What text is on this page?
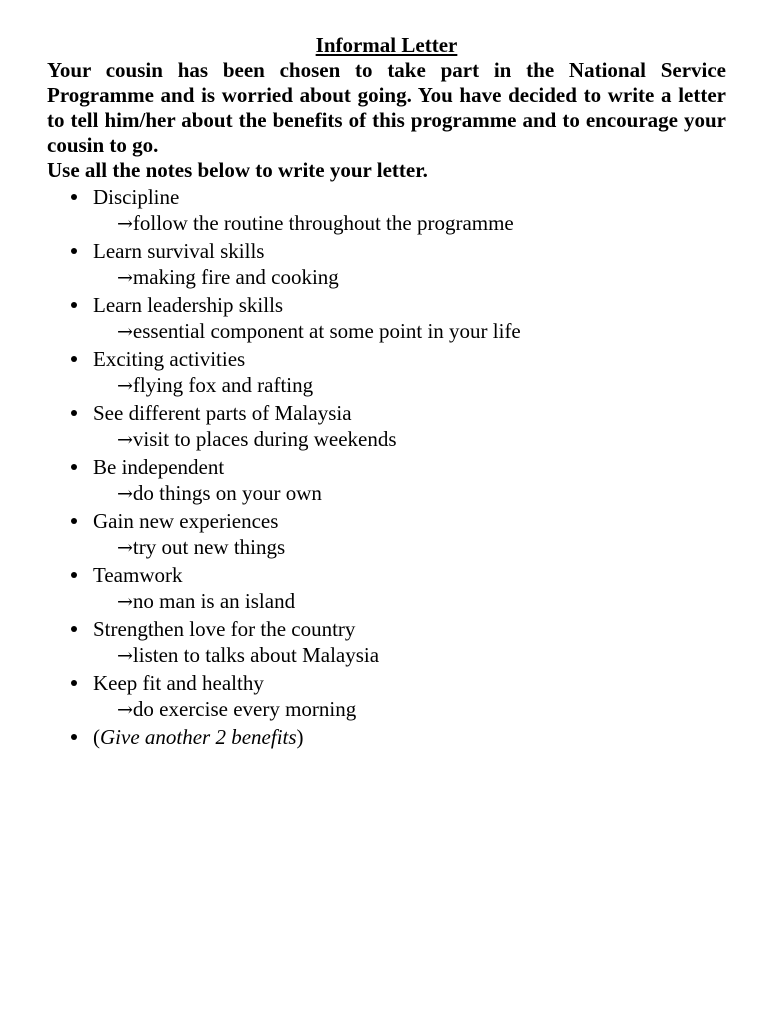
Informal Letter

Your cousin has been chosen to take part in the National Service Programme and is worried about going. You have decided to write a letter to tell him/her about the benefits of this programme and to encourage your cousin to go.

Use all the notes below to write your letter.

Discipline
→follow the routine throughout the programme
Learn survival skills
→making fire and cooking
Learn leadership skills
→essential component at some point in your life
Exciting activities
→flying fox and rafting
See different parts of Malaysia
→visit to places during weekends
Be independent
→do things on your own
Gain new experiences
→try out new things
Teamwork
→no man is an island
Strengthen love for the country
→listen to talks about Malaysia
Keep fit and healthy
→do exercise every morning
(Give another 2 benefits)
